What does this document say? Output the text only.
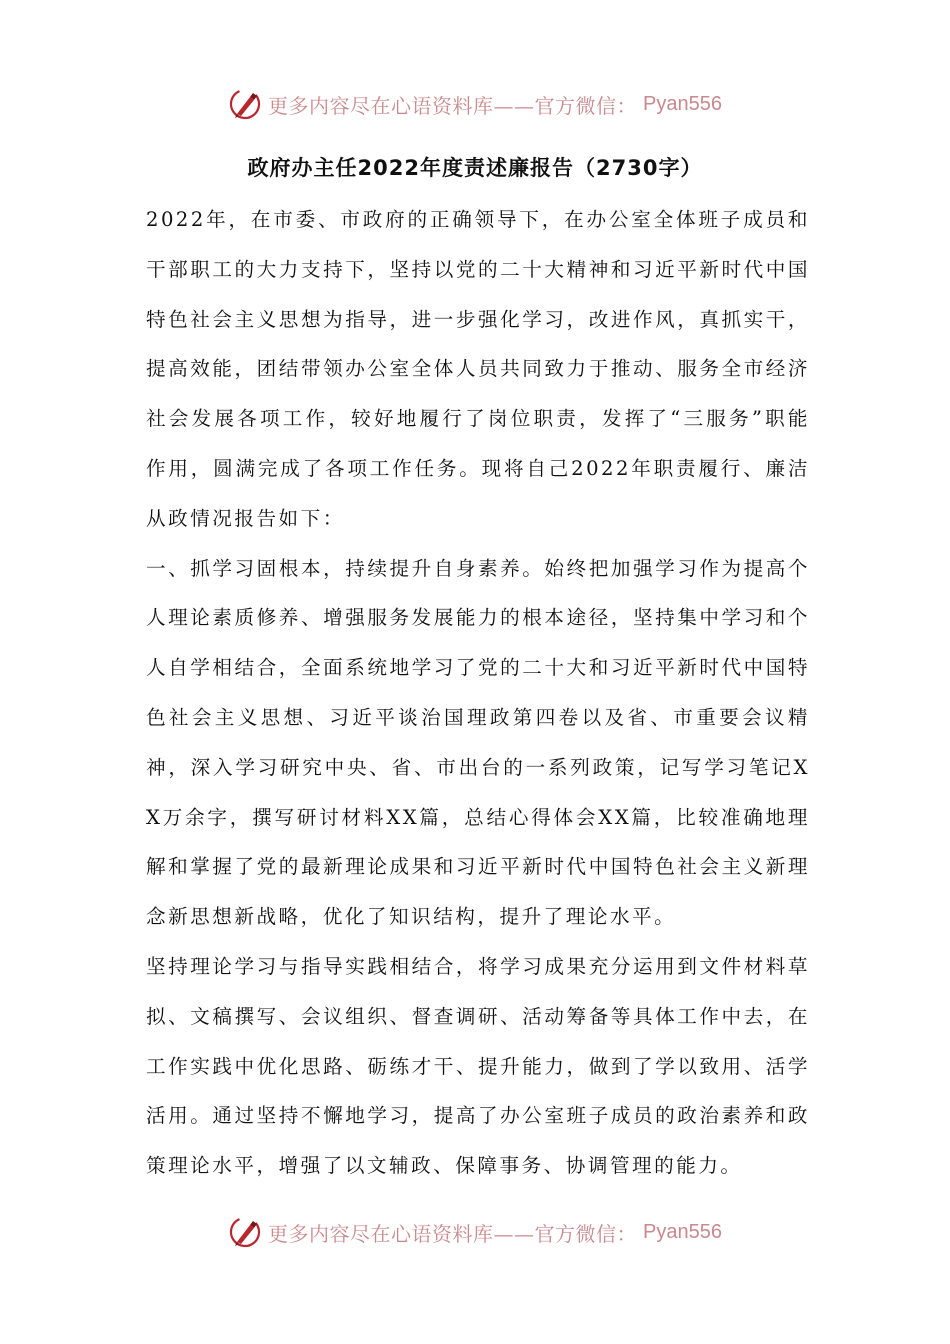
更多内容尽在心语资料库——官方微信： Pyan556
政府办主任2022年度责述廉报告（2730字）

2022年，在市委、市政府的正确领导下，在办公室全体班子成员和干部职工的大力支持下，坚持以党的二十大精神和习近平新时代中国特色社会主义思想为指导，进一步强化学习，改进作风，真抓实干，提高效能，团结带领办公室全体人员共同致力于推动、服务全市经济社会发展各项工作，较好地履行了岗位职责，发挥了“三服务”职能作用，圆满完成了各项工作任务。现将自己2022年职责履行、廉洁从政情况报告如下：

一、抓学习固根本，持续提升自身素养。始终把加强学习作为提高个人理论素质修养、增强服务发展能力的根本途径，坚持集中学习和个人自学相结合，全面系统地学习了党的二十大和习近平新时代中国特色社会主义思想、习近平谈治国理政第四卷以及省、市重要会议精神，深入学习研究中央、省、市出台的一系列政策，记写学习笔记XX万余字，撰写研讨材料XX篇，总结心得体会XX篇，比较准确地理解和掌握了党的最新理论成果和习近平新时代中国特色社会主义新理念新思想新战略，优化了知识结构，提升了理论水平。

坚持理论学习与指导实践相结合，将学习成果充分运用到文件材料草拟、文稿撰写、会议组织、督查调研、活动筹备等具体工作中去，在工作实践中优化思路、砺练才干、提升能力，做到了学以致用、活学活用。通过坚持不懈地学习，提高了办公室班子成员的政治素养和政策理论水平，增强了以文辅政、保障事务、协调管理的能力。

更多内容尽在心语资料库——官方微信： Pyan556
